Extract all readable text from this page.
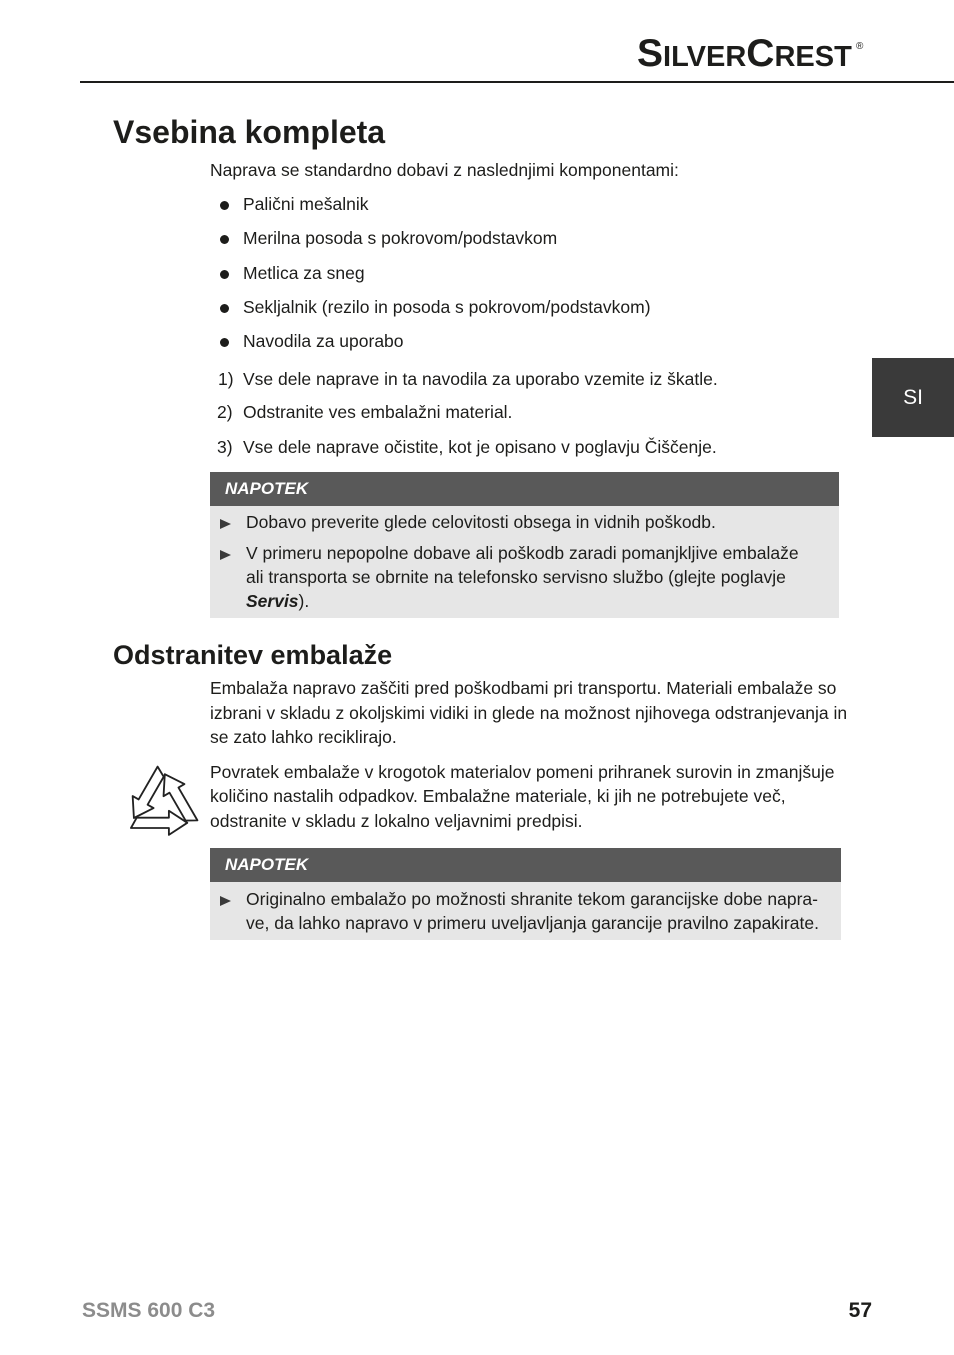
S ILVER C REST ®
SI
Vsebina kompleta
Naprava se standardno dobavi z naslednjimi komponentami:
Palični mešalnik
Merilna posoda s pokrovom/podstavkom
Metlica za sneg
Sekljalnik (rezilo in posoda s pokrovom/podstavkom)
Navodila za uporabo
1) Vse dele naprave in ta navodila za uporabo vzemite iz škatle.
2) Odstranite ves embalažni material.
3) Vse dele naprave očistite, kot je opisano v poglavju Čiščenje.
NAPOTEK
Dobavo preverite glede celovitosti obsega in vidnih poškodb.
V primeru nepopolne dobave ali poškodb zaradi pomanjkljive embalaže
ali transporta se obrnite na telefonsko servisno službo (glejte poglavje
Servis).
Odstranitev embalaže
Embalaža napravo zaščiti pred poškodbami pri transportu. Materiali embalaže so
izbrani v skladu z okoljskimi vidiki in glede na možnost njihovega odstranjevanja in
se zato lahko reciklirajo.
Povratek embalaže v krogotok materialov pomeni prihranek surovin in zmanjšuje
količino nastalih odpadkov. Embalažne materiale, ki jih ne potrebujete več,
odstranite v skladu z lokalno veljavnimi predpisi.
NAPOTEK
Originalno embalažo po možnosti shranite tekom garancijske dobe napra-
ve, da lahko napravo v primeru uveljavljanja garancije pravilno zapakirate.
SSMS 600 C3	57
